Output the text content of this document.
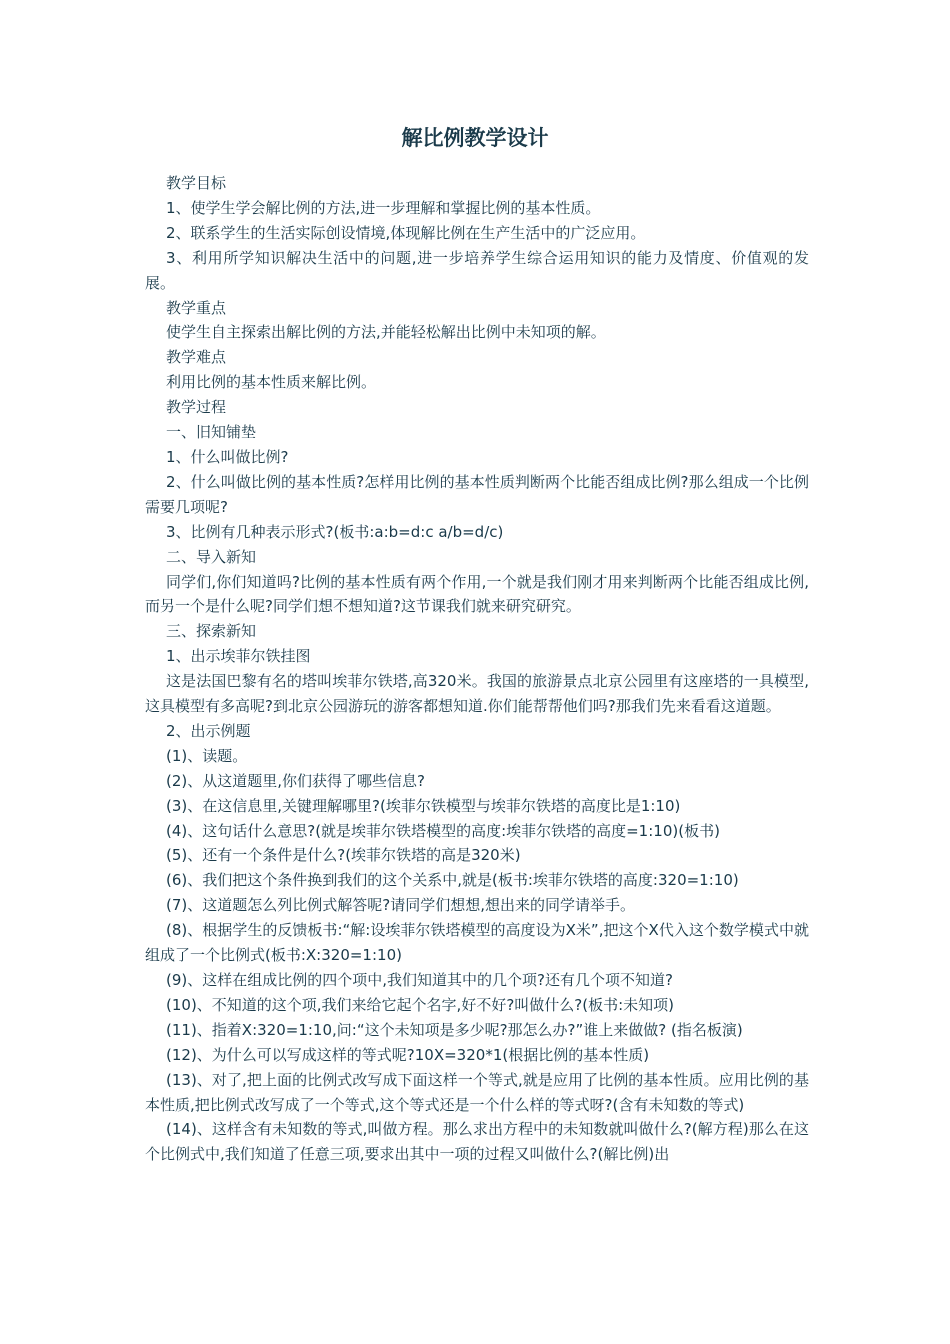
解比例教学设计

教学目标

1、使学生学会解比例的方法,进一步理解和掌握比例的基本性质。

2、联系学生的生活实际创设情境,体现解比例在生产生活中的广泛应用。

3、利用所学知识解决生活中的问题,进一步培养学生综合运用知识的能力及情度、价值观的发展。

教学重点

使学生自主探索出解比例的方法,并能轻松解出比例中未知项的解。

教学难点

利用比例的基本性质来解比例。

教学过程

一、旧知铺垫

1、什么叫做比例?

2、什么叫做比例的基本性质?怎样用比例的基本性质判断两个比能否组成比例?那么组成一个比例需要几项呢?

3、比例有几种表示形式?(板书:a:b=d:c a/b=d/c)

二、导入新知

同学们,你们知道吗?比例的基本性质有两个作用,一个就是我们刚才用来判断两个比能否组成比例,而另一个是什么呢?同学们想不想知道?这节课我们就来研究研究。

三、探索新知

1、出示埃菲尔铁挂图

这是法国巴黎有名的塔叫埃菲尔铁塔,高320米。我国的旅游景点北京公园里有这座塔的一具模型,这具模型有多高呢?到北京公园游玩的游客都想知道.你们能帮帮他们吗?那我们先来看看这道题。

2、出示例题

(1)、读题。

(2)、从这道题里,你们获得了哪些信息?

(3)、在这信息里,关键理解哪里?(埃菲尔铁模型与埃菲尔铁塔的高度比是1:10)

(4)、这句话什么意思?(就是埃菲尔铁塔模型的高度:埃菲尔铁塔的高度=1:10)(板书)

(5)、还有一个条件是什么?(埃菲尔铁塔的高是320米)

(6)、我们把这个条件换到我们的这个关系中,就是(板书:埃菲尔铁塔的高度:320=1:10)

(7)、这道题怎么列比例式解答呢?请同学们想想,想出来的同学请举手。

(8)、根据学生的反馈板书:“解:设埃菲尔铁塔模型的高度设为X米”,把这个X代入这个数学模式中就组成了一个比例式(板书:X:320=1:10)

(9)、这样在组成比例的四个项中,我们知道其中的几个项?还有几个项不知道?

(10)、不知道的这个项,我们来给它起个名字,好不好?叫做什么?(板书:未知项)

(11)、指着X:320=1:10,问:“这个未知项是多少呢?那怎么办?”谁上来做做? (指名板演)

(12)、为什么可以写成这样的等式呢?10X=320*1(根据比例的基本性质)

(13)、对了,把上面的比例式改写成下面这样一个等式,就是应用了比例的基本性质。应用比例的基本性质,把比例式改写成了一个等式,这个等式还是一个什么样的等式呀?(含有未知数的等式)

(14)、这样含有未知数的等式,叫做方程。那么求出方程中的未知数就叫做什么?(解方程)那么在这个比例式中,我们知道了任意三项,要求出其中一项的过程又叫做什么?(解比例)出
